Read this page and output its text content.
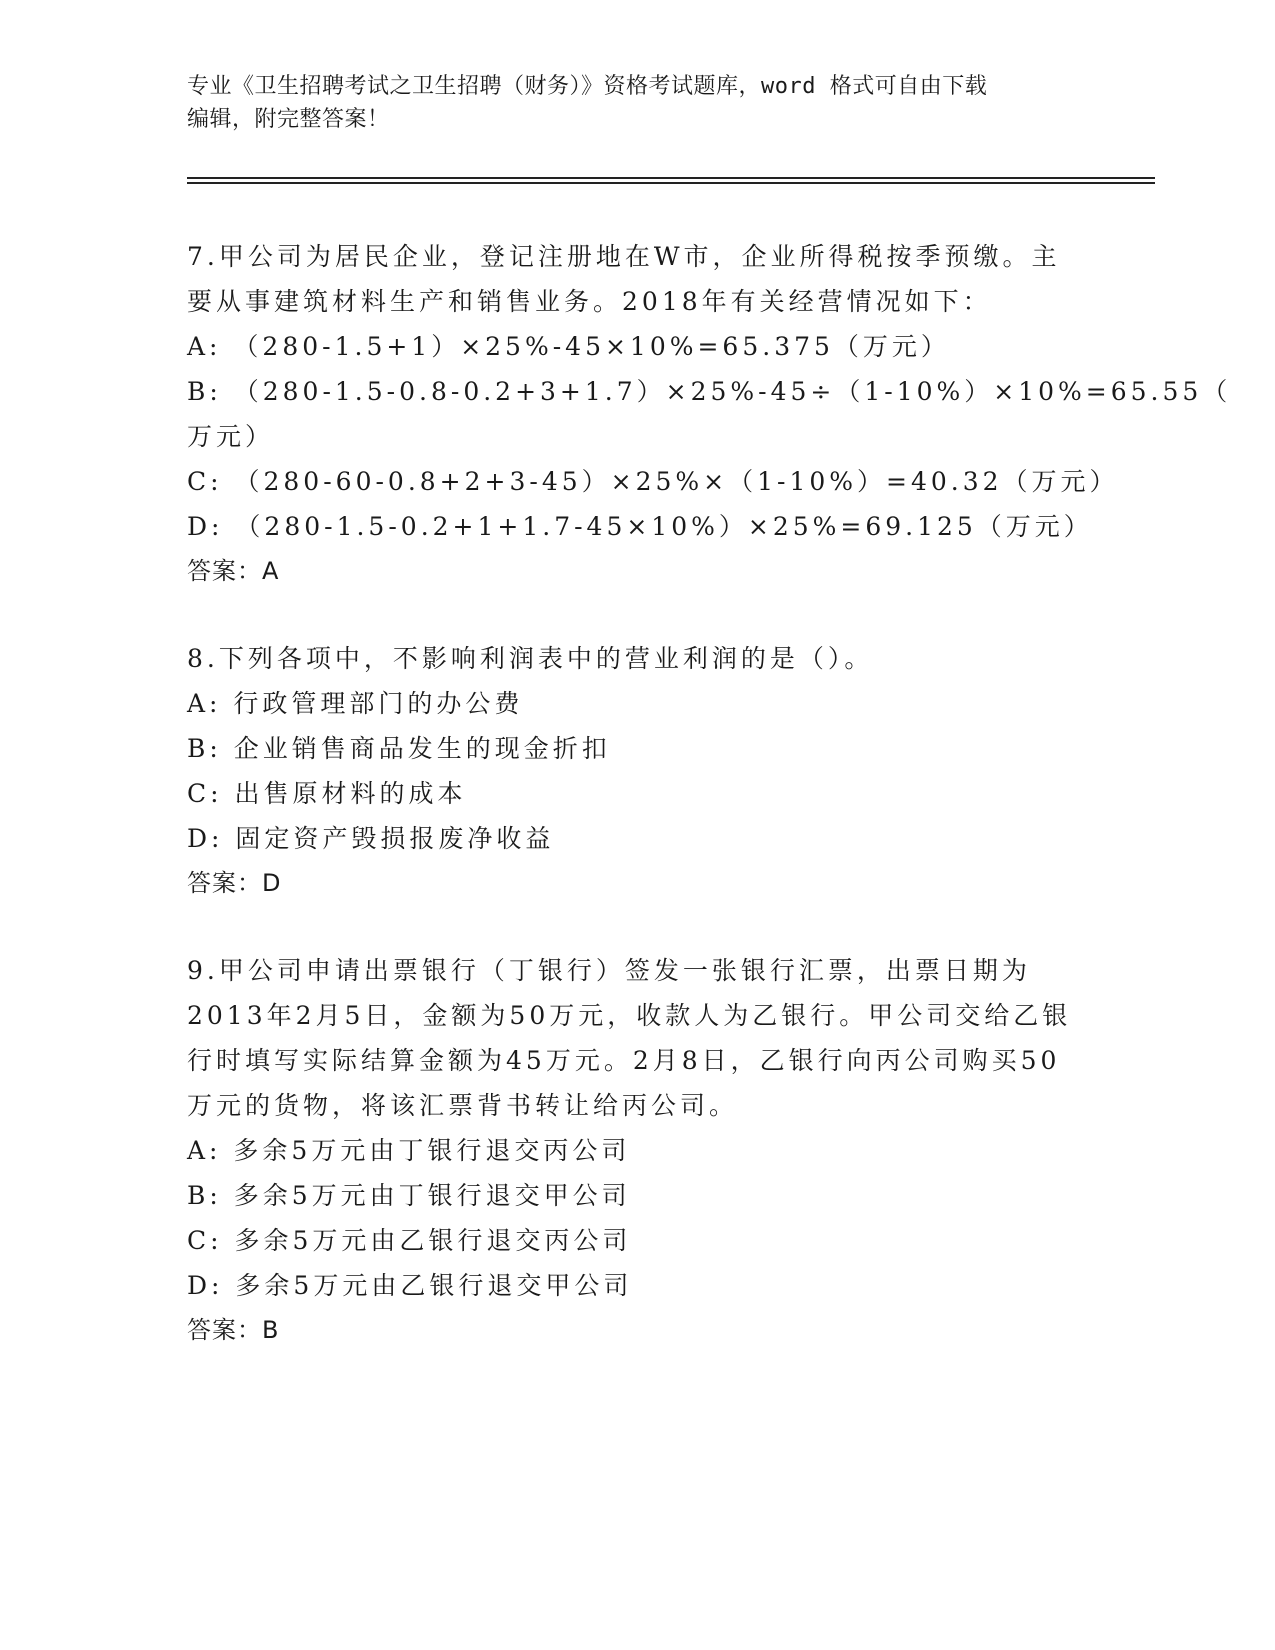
专业《卫生招聘考试之卫生招聘（财务）》资格考试题库，word 格式可自由下载
编辑，附完整答案！
7.甲公司为居民企业，登记注册地在W市，企业所得税按季预缴。主
要从事建筑材料生产和销售业务。2018年有关经营情况如下：
A: （280-1.5+1）×25%-45×10%=65.375（万元）
B: （280-1.5-0.8-0.2+3+1.7）×25%-45÷（1-10%）×10%=65.55（
万元）
C: （280-60-0.8+2+3-45）×25%×（1-10%）=40.32（万元）
D: （280-1.5-0.2+1+1.7-45×10%）×25%=69.125（万元）
答案：A
8.下列各项中，不影响利润表中的营业利润的是（）。
A: 行政管理部门的办公费
B: 企业销售商品发生的现金折扣
C: 出售原材料的成本
D: 固定资产毁损报废净收益
答案：D
9.甲公司申请出票银行（丁银行）签发一张银行汇票，出票日期为
2013年2月5日，金额为50万元，收款人为乙银行。甲公司交给乙银
行时填写实际结算金额为45万元。2月8日，乙银行向丙公司购买50
万元的货物，将该汇票背书转让给丙公司。
A: 多余5万元由丁银行退交丙公司
B: 多余5万元由丁银行退交甲公司
C: 多余5万元由乙银行退交丙公司
D: 多余5万元由乙银行退交甲公司
答案：B
